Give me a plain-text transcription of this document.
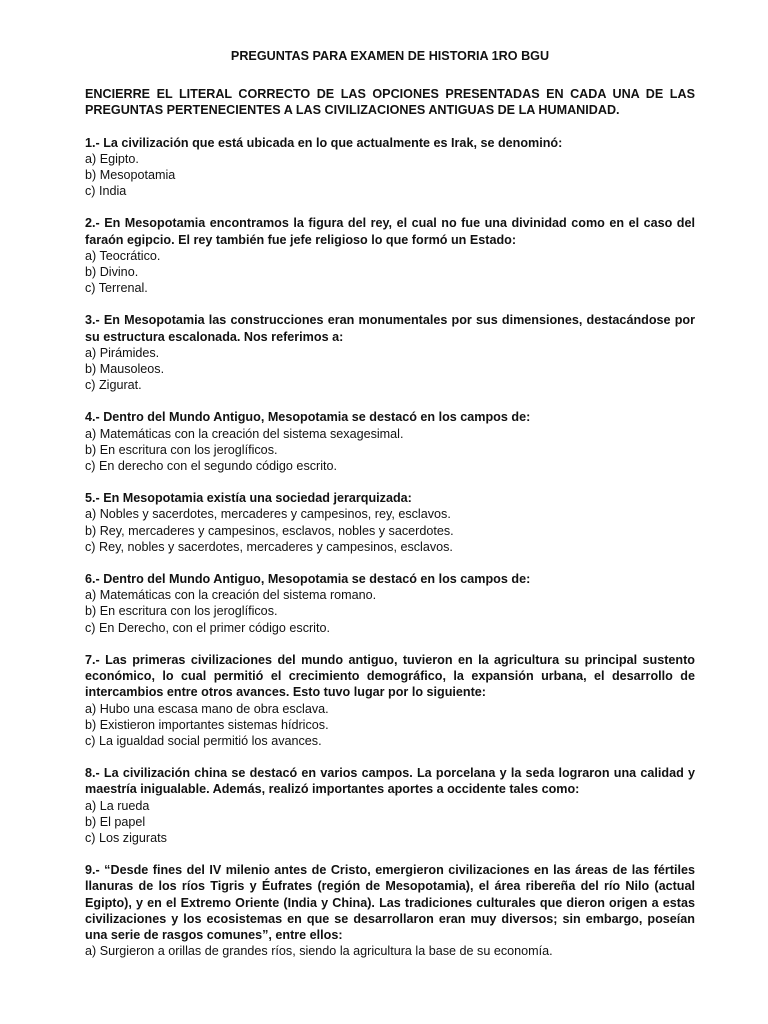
PREGUNTAS PARA EXAMEN DE HISTORIA 1RO BGU

ENCIERRE EL LITERAL CORRECTO DE LAS OPCIONES PRESENTADAS EN CADA UNA DE LAS PREGUNTAS PERTENECIENTES A LAS CIVILIZACIONES ANTIGUAS DE LA HUMANIDAD.

1.- La civilización que está ubicada en lo que actualmente es Irak, se denominó:

a) Egipto.
b) Mesopotamia
c) India

2.- En Mesopotamia encontramos la figura del rey, el cual no fue una divinidad como en el caso del faraón egipcio. El rey también fue jefe religioso lo que formó un Estado:

a) Teocrático.
b) Divino.
c) Terrenal.

3.- En Mesopotamia las construcciones eran monumentales por sus dimensiones, destacándose por su estructura escalonada. Nos referimos a:

a) Pirámides.
b) Mausoleos.
c) Zigurat.

4.- Dentro del Mundo Antiguo, Mesopotamia se destacó en los campos de:

a) Matemáticas con la creación del sistema sexagesimal.
b) En escritura con los jeroglíficos.
c) En derecho con el segundo código escrito.

5.- En Mesopotamia existía una sociedad jerarquizada:

a) Nobles y sacerdotes, mercaderes y campesinos, rey, esclavos.
b) Rey, mercaderes y campesinos, esclavos, nobles y sacerdotes.
c) Rey, nobles y sacerdotes, mercaderes y campesinos, esclavos.

6.- Dentro del Mundo Antiguo, Mesopotamia se destacó en los campos de:

a) Matemáticas con la creación del sistema romano.
b) En escritura con los jeroglíficos.
c) En Derecho, con el primer código escrito.

7.- Las primeras civilizaciones del mundo antiguo, tuvieron en la agricultura su principal sustento económico, lo cual permitió el crecimiento demográfico, la expansión urbana, el desarrollo de intercambios entre otros avances. Esto tuvo lugar por lo siguiente:

a) Hubo una escasa mano de obra esclava.
b) Existieron importantes sistemas hídricos.
c) La igualdad social permitió los avances.

8.- La civilización china se destacó en varios campos. La porcelana y la seda lograron una calidad y maestría inigualable. Además, realizó importantes aportes a occidente tales como:

a) La rueda
b) El papel
c) Los zigurats

9.- “Desde fines del IV milenio antes de Cristo, emergieron civilizaciones en las áreas de las fértiles llanuras de los ríos Tigris y Éufrates (región de Mesopotamia), el área ribereña del río Nilo (actual Egipto), y en el Extremo Oriente (India y China). Las tradiciones culturales que dieron origen a estas civilizaciones y los ecosistemas en que se desarrollaron eran muy diversos; sin embargo, poseían una serie de rasgos comunes”, entre ellos:

a) Surgieron a orillas de grandes ríos, siendo la agricultura la base de su economía.
